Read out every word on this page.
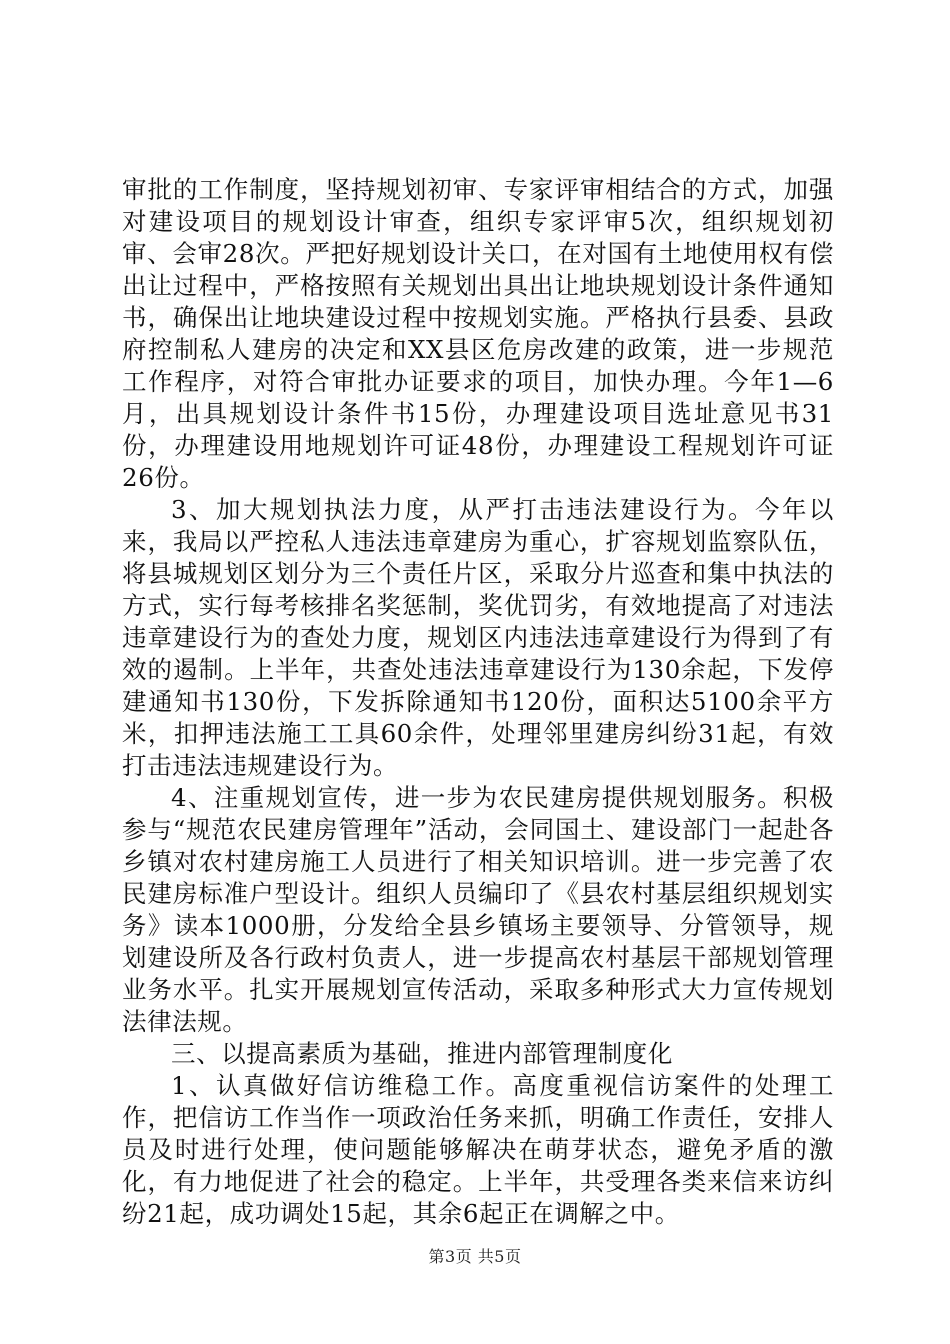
审批的工作制度，坚持规划初审、专家评审相结合的方式，加强对建设项目的规划设计审查，组织专家评审5次，组织规划初审、会审28次。严把好规划设计关口，在对国有土地使用权有偿出让过程中，严格按照有关规划出具出让地块规划设计条件通知书，确保出让地块建设过程中按规划实施。严格执行县委、县政府控制私人建房的决定和XX县区危房改建的政策，进一步规范工作程序，对符合审批办证要求的项目，加快办理。今年1—6月，出具规划设计条件书15份，办理建设项目选址意见书31份，办理建设用地规划许可证48份，办理建设工程规划许可证26份。

3、加大规划执法力度，从严打击违法建设行为。今年以来，我局以严控私人违法违章建房为重心，扩容规划监察队伍，将县城规划区划分为三个责任片区，采取分片巡查和集中执法的方式，实行每考核排名奖惩制，奖优罚劣，有效地提高了对违法违章建设行为的查处力度，规划区内违法违章建设行为得到了有效的遏制。上半年，共查处违法违章建设行为130余起，下发停建通知书130份，下发拆除通知书120份，面积达5100余平方米，扣押违法施工工具60余件，处理邻里建房纠纷31起，有效打击违法违规建设行为。

4、注重规划宣传，进一步为农民建房提供规划服务。积极参与“规范农民建房管理年”活动，会同国土、建设部门一起赴各乡镇对农村建房施工人员进行了相关知识培训。进一步完善了农民建房标准户型设计。组织人员编印了《县农村基层组织规划实务》读本1000册，分发给全县乡镇场主要领导、分管领导，规划建设所及各行政村负责人，进一步提高农村基层干部规划管理业务水平。扎实开展规划宣传活动，采取多种形式大力宣传规划法律法规。

三、以提高素质为基础，推进内部管理制度化

1、认真做好信访维稳工作。高度重视信访案件的处理工作，把信访工作当作一项政治任务来抓，明确工作责任，安排人员及时进行处理，使问题能够解决在萌芽状态，避免矛盾的激化，有力地促进了社会的稳定。上半年，共受理各类来信来访纠纷21起，成功调处15起，其余6起正在调解之中。

第3页 共5页
